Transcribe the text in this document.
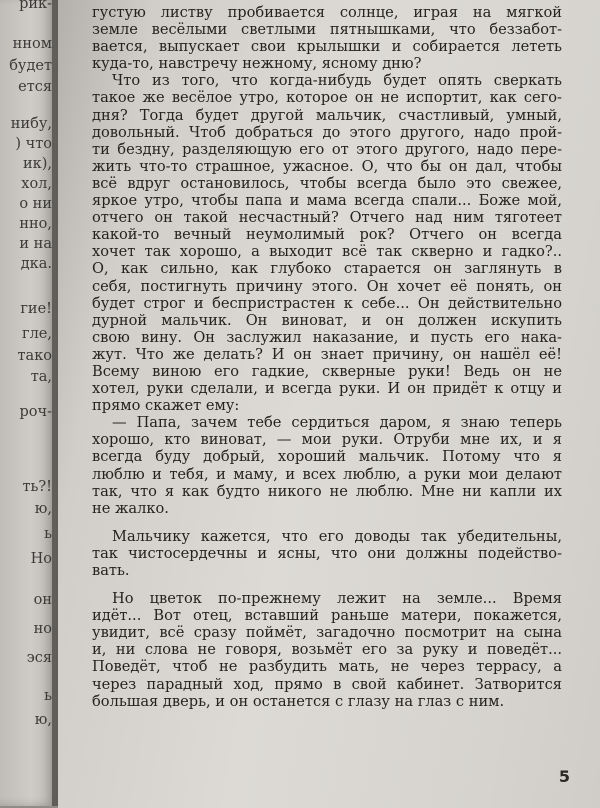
рик-
нном
будет
ется
нибу,
) что
ик),
хол,
о ни
нно,
и на
дка.
гие!
гле,
тако
та,
роч-
ть?!
ю,
ь
Но
он
но
эся
ь
ю,
густую листву пробивается солнце, играя на мягкой
земле весёлыми светлыми пятнышками, что беззабот-
вается, выпускает свои крылышки и собирается лететь
куда-то, навстречу нежному, ясному дню?
Что из того, что когда-нибудь будет опять сверкать
такое же весёлое утро, которое он не испортит, как сего-
дня? Тогда будет другой мальчик, счастливый, умный,
довольный. Чтоб добраться до этого другого, надо прой-
ти бездну, разделяющую его от этого другого, надо пере-
жить что-то страшное, ужасное. О, что бы он дал, чтобы
всё вдруг остановилось, чтобы всегда было это свежее,
яркое утро, чтобы папа и мама всегда спали... Боже мой,
отчего он такой несчастный? Отчего над ним тяготеет
какой-то вечный неумолимый рок? Отчего он всегда
хочет так хорошо, а выходит всё так скверно и гадко?..
О, как сильно, как глубоко старается он заглянуть в
себя, постигнуть причину этого. Он хочет её понять, он
будет строг и беспристрастен к себе... Он действительно
дурной мальчик. Он виноват, и он должен искупить
свою вину. Он заслужил наказание, и пусть его нака-
жут. Что же делать? И он знает причину, он нашёл её!
Всему виною его гадкие, скверные руки! Ведь он не
хотел, руки сделали, и всегда руки. И он придёт к отцу и
прямо скажет ему:
— Папа, зачем тебе сердиться даром, я знаю теперь
хорошо, кто виноват, — мои руки. Отруби мне их, и я
всегда буду добрый, хороший мальчик. Потому что я
люблю и тебя, и маму, и всех люблю, а руки мои делают
так, что я как будто никого не люблю. Мне ни капли их
не жалко.
Мальчику кажется, что его доводы так убедительны,
так чистосердечны и ясны, что они должны подейство-
вать.
Но цветок по-прежнему лежит на земле... Время
идёт... Вот отец, вставший раньше матери, покажется,
увидит, всё сразу поймёт, загадочно посмотрит на сына
и, ни слова не говоря, возьмёт его за руку и поведёт...
Поведёт, чтоб не разбудить мать, не через террасу, а
через парадный ход, прямо в свой кабинет. Затворится
большая дверь, и он останется с глазу на глаз с ним.
5
